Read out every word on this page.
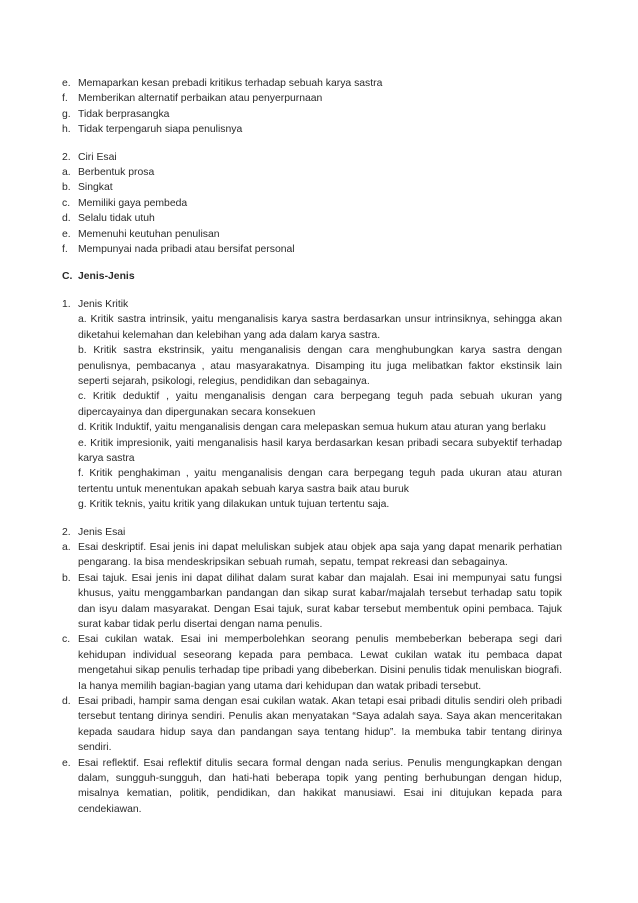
e. Memaparkan kesan prebadi kritikus terhadap sebuah karya sastra
f. Memberikan alternatif perbaikan atau penyerpurnaan
g. Tidak berprasangka
h. Tidak terpengaruh siapa penulisnya
2. Ciri Esai
a. Berbentuk prosa
b. Singkat
c. Memiliki gaya pembeda
d. Selalu tidak utuh
e. Memenuhi keutuhan penulisan
f. Mempunyai nada pribadi atau bersifat personal
C. Jenis-Jenis
1. Jenis Kritik
a. Kritik sastra intrinsik, yaitu menganalisis karya sastra berdasarkan unsur intrinsiknya, sehingga akan diketahui kelemahan dan kelebihan yang ada dalam karya sastra.
b. Kritik sastra ekstrinsik, yaitu menganalisis dengan cara menghubungkan karya sastra dengan penulisnya, pembacanya , atau masyarakatnya. Disamping itu juga melibatkan faktor ekstinsik lain seperti sejarah, psikologi, relegius, pendidikan dan sebagainya.
c. Kritik deduktif , yaitu menganalisis dengan cara berpegang teguh pada sebuah ukuran yang dipercayainya dan dipergunakan secara konsekuen
d. Kritik Induktif, yaitu menganalisis dengan cara melepaskan semua hukum atau aturan yang berlaku
e. Kritik impresionik, yaiti menganalisis hasil karya berdasarkan kesan pribadi secara subyektif terhadap karya sastra
f. Kritik penghakiman , yaitu menganalisis dengan cara berpegang teguh pada ukuran atau aturan tertentu untuk menentukan apakah sebuah karya sastra baik atau buruk
g. Kritik teknis, yaitu kritik yang dilakukan untuk tujuan tertentu saja.
2. Jenis Esai
a. Esai deskriptif. Esai jenis ini dapat meluliskan subjek atau objek apa saja yang dapat menarik perhatian pengarang. Ia bisa mendeskripsikan sebuah rumah, sepatu, tempat rekreasi dan sebagainya.
b. Esai tajuk. Esai jenis ini dapat dilihat dalam surat kabar dan majalah. Esai ini mempunyai satu fungsi khusus, yaitu menggambarkan pandangan dan sikap surat kabar/majalah tersebut terhadap satu topik dan isyu dalam masyarakat. Dengan Esai tajuk, surat kabar tersebut membentuk opini pembaca. Tajuk surat kabar tidak perlu disertai dengan nama penulis.
c. Esai cukilan watak. Esai ini memperbolehkan seorang penulis membeberkan beberapa segi dari kehidupan individual seseorang kepada para pembaca. Lewat cukilan watak itu pembaca dapat mengetahui sikap penulis terhadap tipe pribadi yang dibeberkan. Disini penulis tidak menuliskan biografi. Ia hanya memilih bagian-bagian yang utama dari kehidupan dan watak pribadi tersebut.
d. Esai pribadi, hampir sama dengan esai cukilan watak. Akan tetapi esai pribadi ditulis sendiri oleh pribadi tersebut tentang dirinya sendiri. Penulis akan menyatakan “Saya adalah saya. Saya akan menceritakan kepada saudara hidup saya dan pandangan saya tentang hidup”. Ia membuka tabir tentang dirinya sendiri.
e. Esai reflektif. Esai reflektif ditulis secara formal dengan nada serius. Penulis mengungkapkan dengan dalam, sungguh-sungguh, dan hati-hati beberapa topik yang penting berhubungan dengan hidup, misalnya kematian, politik, pendidikan, dan hakikat manusiawi. Esai ini ditujukan kepada para cendekiawan.
